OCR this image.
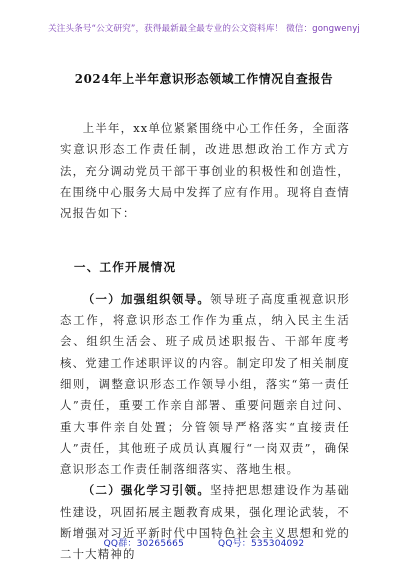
关注头条号“公文研究”，获得最新最全最专业的公文资料库！ 微信：gongwenyj
2024年上半年意识形态领域工作情况自查报告

上半年，xx单位紧紧围绕中心工作任务，全面落实意识形态工作责任制，改进思想政治工作方式方法，充分调动党员干部干事创业的积极性和创造性，在围绕中心服务大局中发挥了应有作用。现将自查情况报告如下：

一、工作开展情况

（一）加强组织领导。领导班子高度重视意识形态工作，将意识形态工作作为重点，纳入民主生活会、组织生活会、班子成员述职报告、干部年度考核、党建工作述职评议的内容。制定印发了相关制度细则，调整意识形态工作领导小组，落实“第一责任人”责任，重要工作亲自部署、重要问题亲自过问、重大事件亲自处置；分管领导严格落实“直接责任人”责任，其他班子成员认真履行“一岗双责”，确保意识形态工作责任制落细落实、落地生根。

（二）强化学习引领。坚持把思想建设作为基础性建设，巩固拓展主题教育成果，强化理论武装，不断增强对习近平新时代中国特色社会主义思想和党的二十大精神的

QQ群：30265665	QQ号：535304092
